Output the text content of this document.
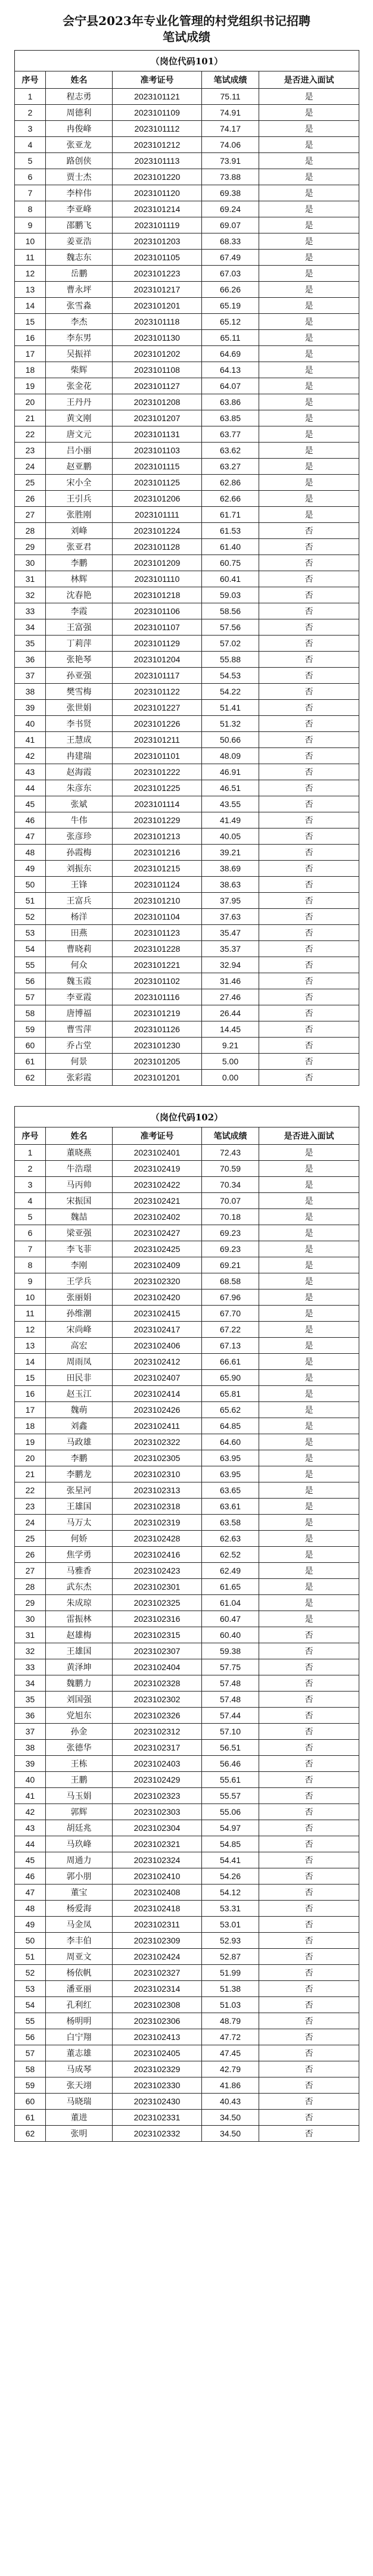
会宁县2023年专业化管理的村党组织书记招聘
笔试成绩
（岗位代码101）				
序号	姓名	准考证号	笔试成绩	是否进入面试
1	程志勇	2023101121	75.11	是
2	周德利	2023101109	74.91	是
3	冉俊峰	2023101112	74.17	是
4	张亚龙	2023101212	74.06	是
5	路创侠	2023101113	73.91	是
6	贾士杰	2023101220	73.88	是
7	李梓伟	2023101120	69.38	是
8	李亚峰	2023101214	69.24	是
9	邵鹏飞	2023101119	69.07	是
10	姜亚浩	2023101203	68.33	是
11	魏志东	2023101105	67.49	是
12	岳鹏	2023101223	67.03	是
13	曹永坪	2023101217	66.26	是
14	张雪淼	2023101201	65.19	是
15	李杰	2023101118	65.12	是
16	李东男	2023101130	65.11	是
17	吴振祥	2023101202	64.69	是
18	柴辉	2023101108	64.13	是
19	张金花	2023101127	64.07	是
20	王丹丹	2023101208	63.86	是
21	黄文刚	2023101207	63.85	是
22	唐文元	2023101131	63.77	是
23	吕小丽	2023101103	63.62	是
24	赵亚鹏	2023101115	63.27	是
25	宋小全	2023101125	62.86	是
26	王引兵	2023101206	62.66	是
27	张胜刚	2023101111	61.71	是
28	刘峰	2023101224	61.53	否
29	张亚君	2023101128	61.40	否
30	李鹏	2023101209	60.75	否
31	林辉	2023101110	60.41	否
32	沈春艳	2023101218	59.03	否
33	李霞	2023101106	58.56	否
34	王富强	2023101107	57.56	否
35	丁莉萍	2023101129	57.02	否
36	张艳琴	2023101204	55.88	否
37	孙亚强	2023101117	54.53	否
38	樊雪梅	2023101122	54.22	否
39	张世娟	2023101227	51.41	否
40	李书贤	2023101226	51.32	否
41	王慧成	2023101211	50.66	否
42	冉建瑞	2023101101	48.09	否
43	赵海霞	2023101222	46.91	否
44	朱彦东	2023101225	46.51	否
45	张斌	2023101114	43.55	否
46	牛伟	2023101229	41.49	否
47	张彦珍	2023101213	40.05	否
48	孙霞梅	2023101216	39.21	否
49	刘振东	2023101215	38.69	否
50	王锋	2023101124	38.63	否
51	王富兵	2023101210	37.95	否
52	杨洋	2023101104	37.63	否
53	田燕	2023101123	35.47	否
54	曹晓莉	2023101228	35.37	否
55	何众	2023101221	32.94	否
56	魏玉霞	2023101102	31.46	否
57	李亚霞	2023101116	27.46	否
58	唐博福	2023101219	26.44	否
59	曹雪萍	2023101126	14.45	否
60	乔占堂	2023101230	9.21	否
61	何景	2023101205	5.00	否
62	张彩霞	2023101201	0.00	否
（岗位代码102）				
序号	姓名	准考证号	笔试成绩	是否进入面试
1	董晓燕	2023102401	72.43	是
2	牛浩璟	2023102419	70.59	是
3	马丙帅	2023102422	70.34	是
4	宋振国	2023102421	70.07	是
5	魏喆	2023102402	70.18	是
6	梁亚强	2023102427	69.23	是
7	李飞菲	2023102425	69.23	是
8	李刚	2023102409	69.21	是
9	王学兵	2023102320	68.58	是
10	张丽娟	2023102420	67.96	是
11	孙维潮	2023102415	67.70	是
12	宋尚峰	2023102417	67.22	是
13	高宏	2023102406	67.13	是
14	周雨凤	2023102412	66.61	是
15	田民非	2023102407	65.90	是
16	赵玉江	2023102414	65.81	是
17	魏萌	2023102426	65.62	是
18	刘鑫	2023102411	64.85	是
19	马政雄	2023102322	64.60	是
20	李鹏	2023102305	63.95	是
21	李鹏龙	2023102310	63.95	是
22	张星河	2023102313	63.65	是
23	王雄国	2023102318	63.61	是
24	马万太	2023102319	63.58	是
25	何娇	2023102428	62.63	是
26	焦学勇	2023102416	62.52	是
27	马雅香	2023102423	62.49	是
28	武东杰	2023102301	61.65	是
29	朱成琼	2023102325	61.04	是
30	雷振林	2023102316	60.47	是
31	赵雄梅	2023102315	60.40	否
32	王雄国	2023102307	59.38	否
33	黄泽坤	2023102404	57.75	否
34	魏鹏力	2023102328	57.48	否
35	刘国强	2023102302	57.48	否
36	党旭东	2023102326	57.44	否
37	孙金	2023102312	57.10	否
38	张德华	2023102317	56.51	否
39	王栋	2023102403	56.46	否
40	王鹏	2023102429	55.61	否
41	马玉娟	2023102323	55.57	否
42	郭辉	2023102303	55.06	否
43	胡廷兆	2023102304	54.97	否
44	马玖峰	2023102321	54.85	否
45	周通力	2023102324	54.41	否
46	郭小朋	2023102410	54.26	否
47	董宝	2023102408	54.12	否
48	杨爱海	2023102418	53.31	否
49	马金凤	2023102311	53.01	否
50	李丰伯	2023102309	52.93	否
51	周亚文	2023102424	52.87	否
52	杨依帆	2023102327	51.99	否
53	潘亚丽	2023102314	51.38	否
54	孔利红	2023102308	51.03	否
55	杨明明	2023102306	48.79	否
56	白宁翔	2023102413	47.72	否
57	董志雄	2023102405	47.45	否
58	马成琴	2023102329	42.79	否
59	张天翊	2023102330	41.86	否
60	马晓瑞	2023102430	40.43	否
61	董进	2023102331	34.50	否
62	张明	2023102332	34.50	否
